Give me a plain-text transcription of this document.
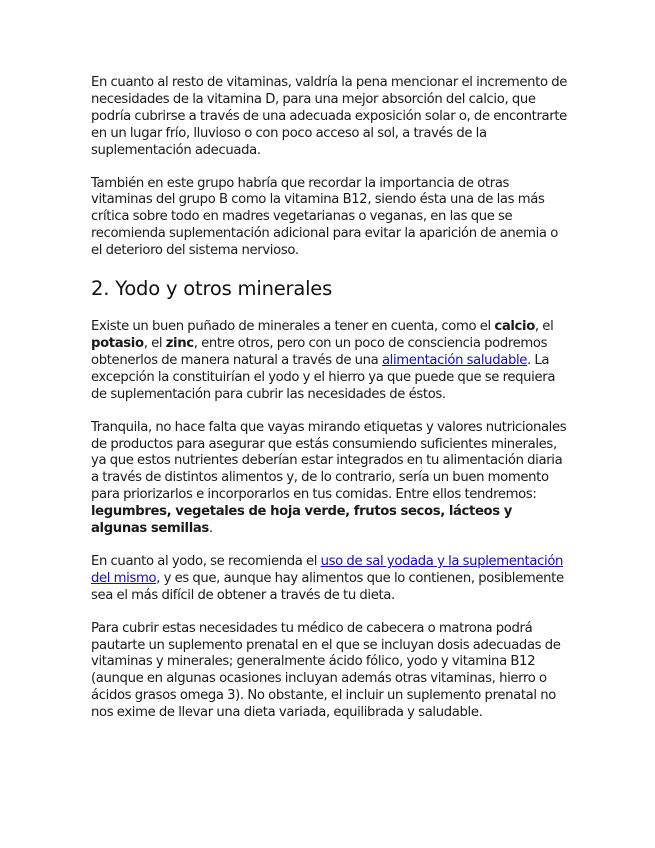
En cuanto al resto de vitaminas, valdría la pena mencionar el incremento de necesidades de la vitamina D, para una mejor absorción del calcio, que podría cubrirse a través de una adecuada exposición solar o, de encontrarte en un lugar frío, lluvioso o con poco acceso al sol, a través de la suplementación adecuada.

También en este grupo habría que recordar la importancia de otras vitaminas del grupo B como la vitamina B12, siendo ésta una de las más crítica sobre todo en madres vegetarianas o veganas, en las que se recomienda suplementación adicional para evitar la aparición de anemia o el deterioro del sistema nervioso.

2. Yodo y otros minerales

Existe un buen puñado de minerales a tener en cuenta, como el calcio, el potasio, el zinc, entre otros, pero con un poco de consciencia podremos obtenerlos de manera natural a través de una alimentación saludable. La excepción la constituirían el yodo y el hierro ya que puede que se requiera de suplementación para cubrir las necesidades de éstos.

Tranquila, no hace falta que vayas mirando etiquetas y valores nutricionales de productos para asegurar que estás consumiendo suficientes minerales, ya que estos nutrientes deberían estar integrados en tu alimentación diaria a través de distintos alimentos y, de lo contrario, sería un buen momento para priorizarlos e incorporarlos en tus comidas. Entre ellos tendremos: legumbres, vegetales de hoja verde, frutos secos, lácteos y algunas semillas.

En cuanto al yodo, se recomienda el uso de sal yodada y la suplementación del mismo, y es que, aunque hay alimentos que lo contienen, posiblemente sea el más difícil de obtener a través de tu dieta.

Para cubrir estas necesidades tu médico de cabecera o matrona podrá pautarte un suplemento prenatal en el que se incluyan dosis adecuadas de vitaminas y minerales; generalmente ácido fólico, yodo y vitamina B12 (aunque en algunas ocasiones incluyan además otras vitaminas, hierro o ácidos grasos omega 3). No obstante, el incluir un suplemento prenatal no nos exime de llevar una dieta variada, equilibrada y saludable.
